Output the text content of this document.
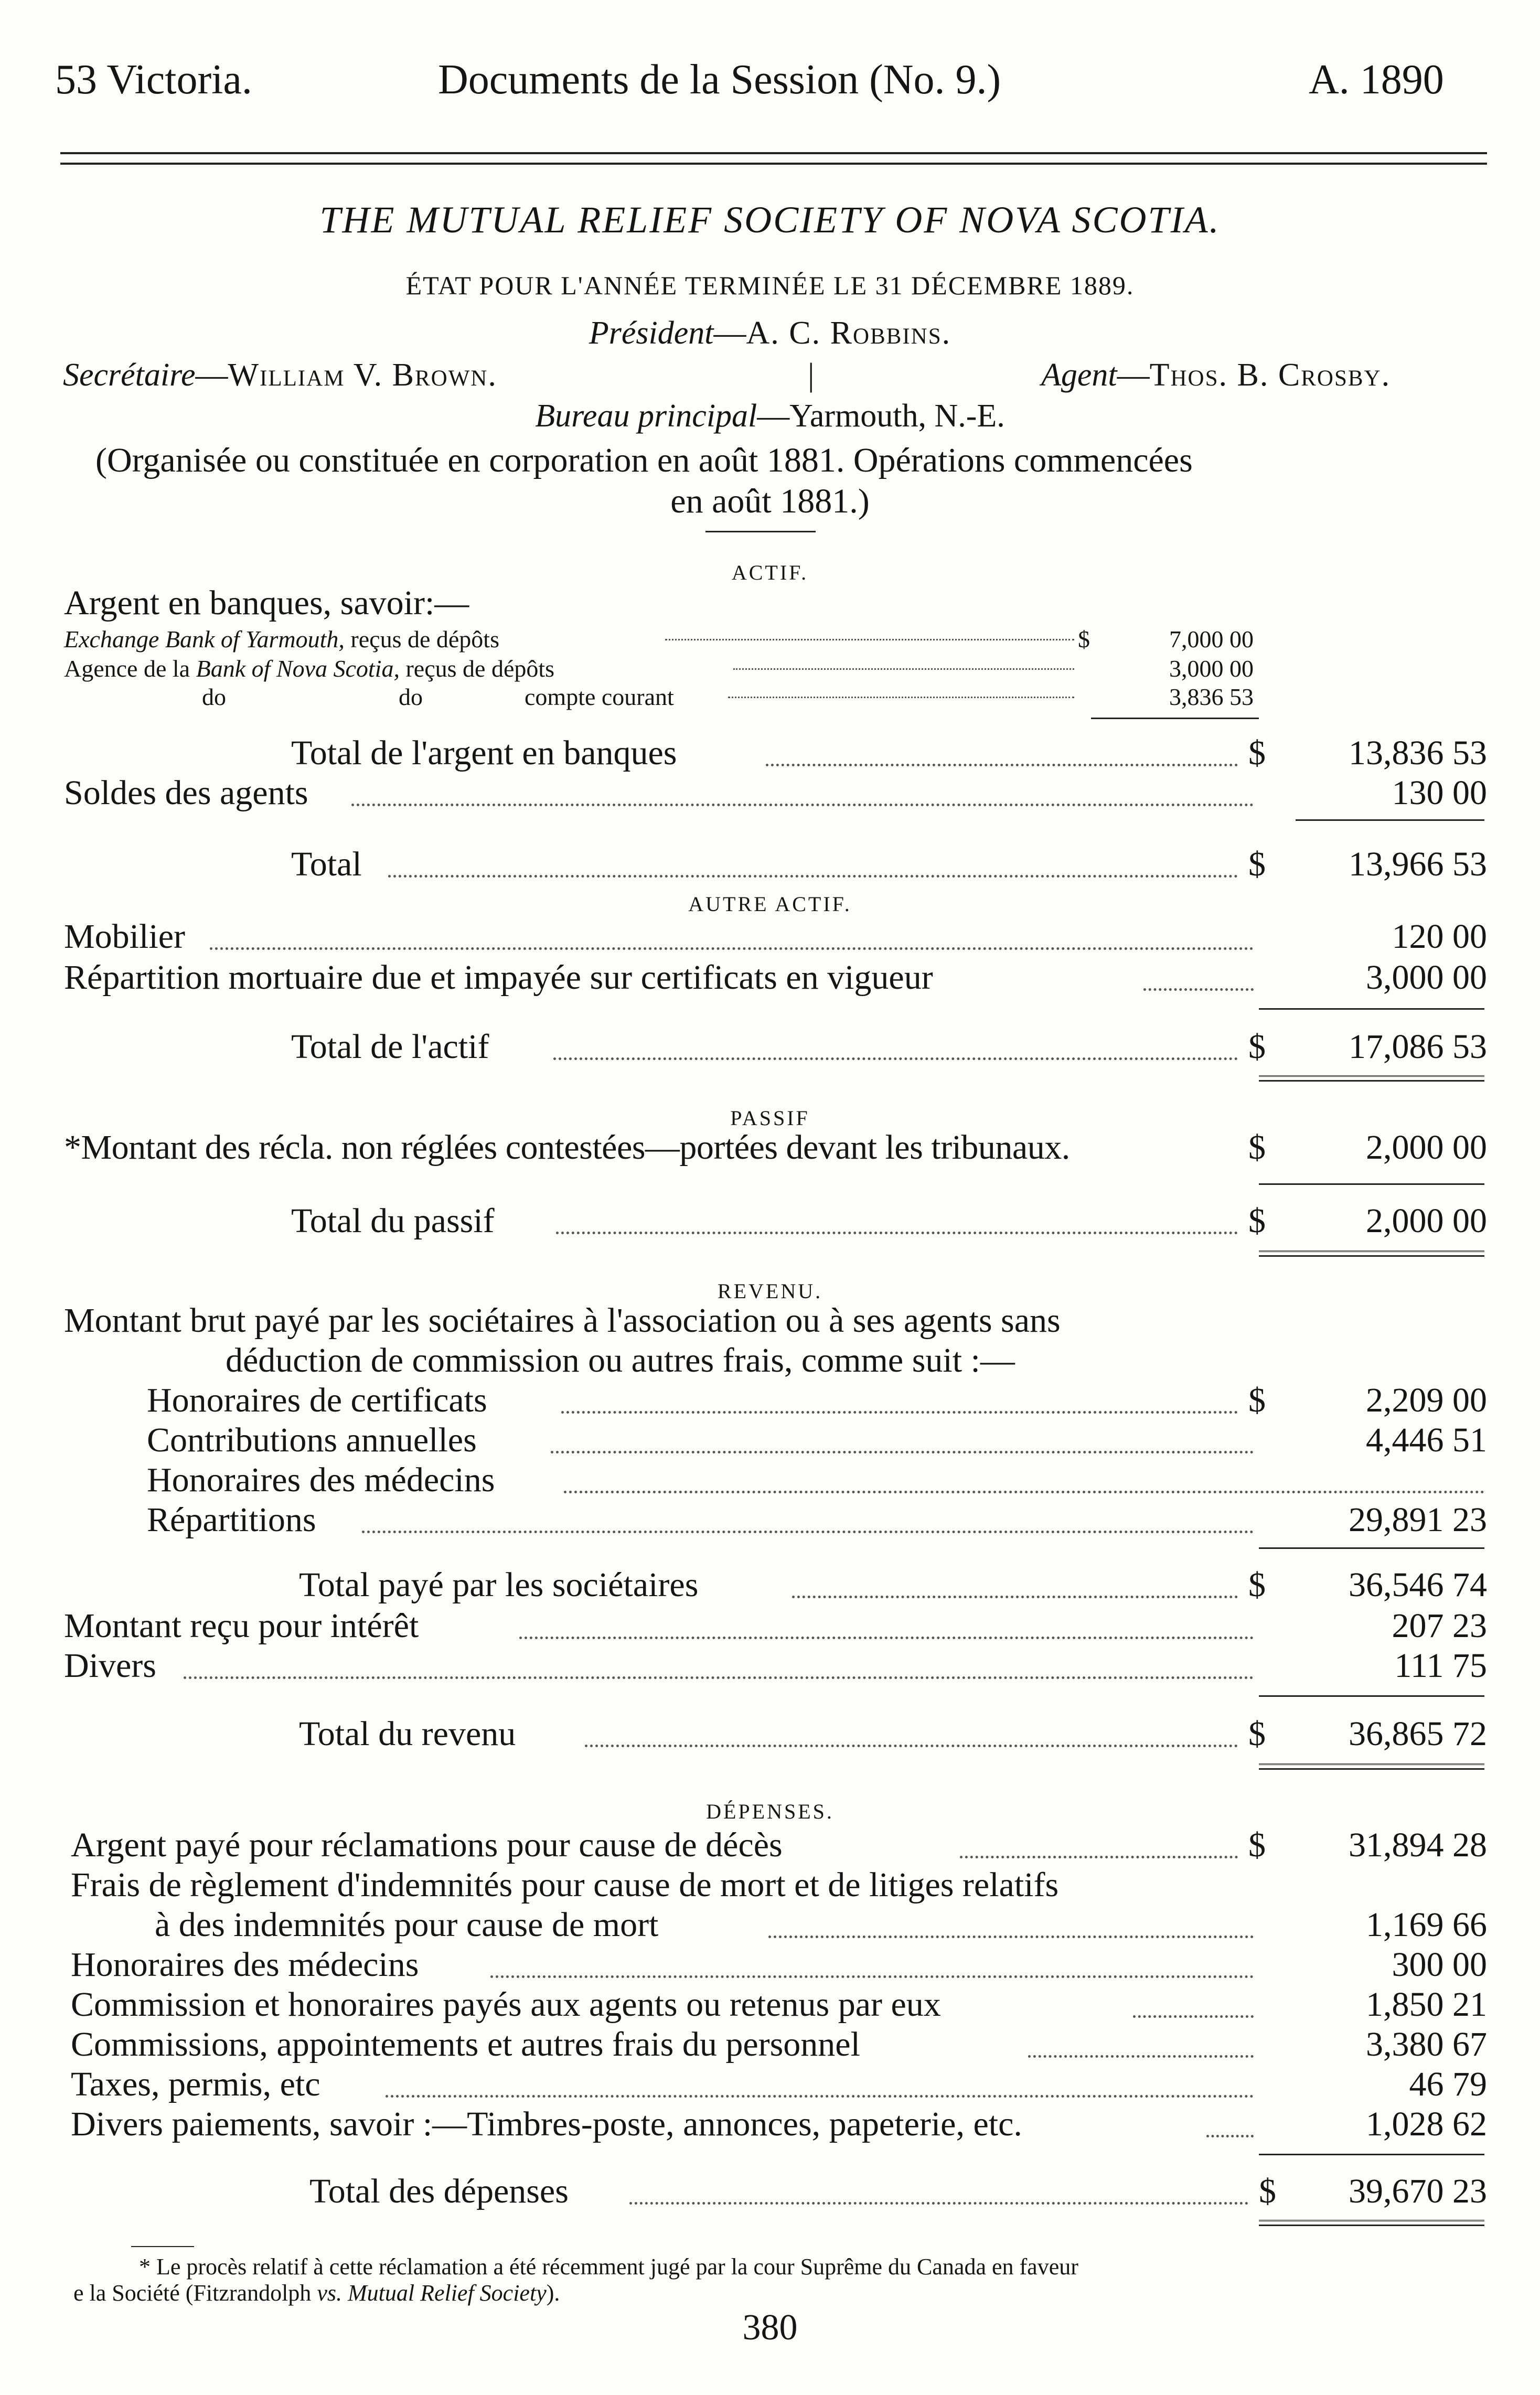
53 Victoria.	Documents de la Session (No. 9.)	A. 1890
THE MUTUAL RELIEF SOCIETY OF NOVA SCOTIA.
ÉTAT POUR L'ANNÉE TERMINÉE LE 31 DÉCEMBRE 1889.
Président—A. C. Robbins.
Secrétaire—William V. Brown.	|	Agent—Thos. B. Crosby.
Bureau principal—Yarmouth, N.-E.
(Organisée ou constituée en corporation en août 1881. Opérations commencées
en août 1881.)
ACTIF.
Argent en banques, savoir:—
Exchange Bank of Yarmouth, reçus de dépôts	$	7,000 00
Agence de la Bank of Nova Scotia, reçus de dépôts	3,000 00
do	do	compte courant	3,836 53
Total de l'argent en banques	$	13,836 53
Soldes des agents	130 00
Total	$	13,966 53
AUTRE ACTIF.
Mobilier	120 00
Répartition mortuaire due et impayée sur certificats en vigueur	3,000 00
Total de l'actif	$	17,086 53
PASSIF
*Montant des récla. non réglées contestées—portées devant les tribunaux.	$	2,000 00
Total du passif	$	2,000 00
REVENU.
Montant brut payé par les sociétaires à l'association ou à ses agents sans
déduction de commission ou autres frais, comme suit :—
Honoraires de certificats	$	2,209 00
Contributions annuelles	4,446 51
Honoraires des médecins
Répartitions	29,891 23
Total payé par les sociétaires	$	36,546 74
Montant reçu pour intérêt	207 23
Divers	111 75
Total du revenu	$	36,865 72
DÉPENSES.
Argent payé pour réclamations pour cause de décès	$	31,894 28
Frais de règlement d'indemnités pour cause de mort et de litiges relatifs
à des indemnités pour cause de mort	1,169 66
Honoraires des médecins	300 00
Commission et honoraires payés aux agents ou retenus par eux	1,850 21
Commissions, appointements et autres frais du personnel	3,380 67
Taxes, permis, etc	46 79
Divers paiements, savoir :—Timbres-poste, annonces, papeterie, etc.	1,028 62
Total des dépenses	$	39,670 23
* Le procès relatif à cette réclamation a été récemment jugé par la cour Suprême du Canada en faveur
e la Société (Fitzrandolph vs. Mutual Relief Society).
380
